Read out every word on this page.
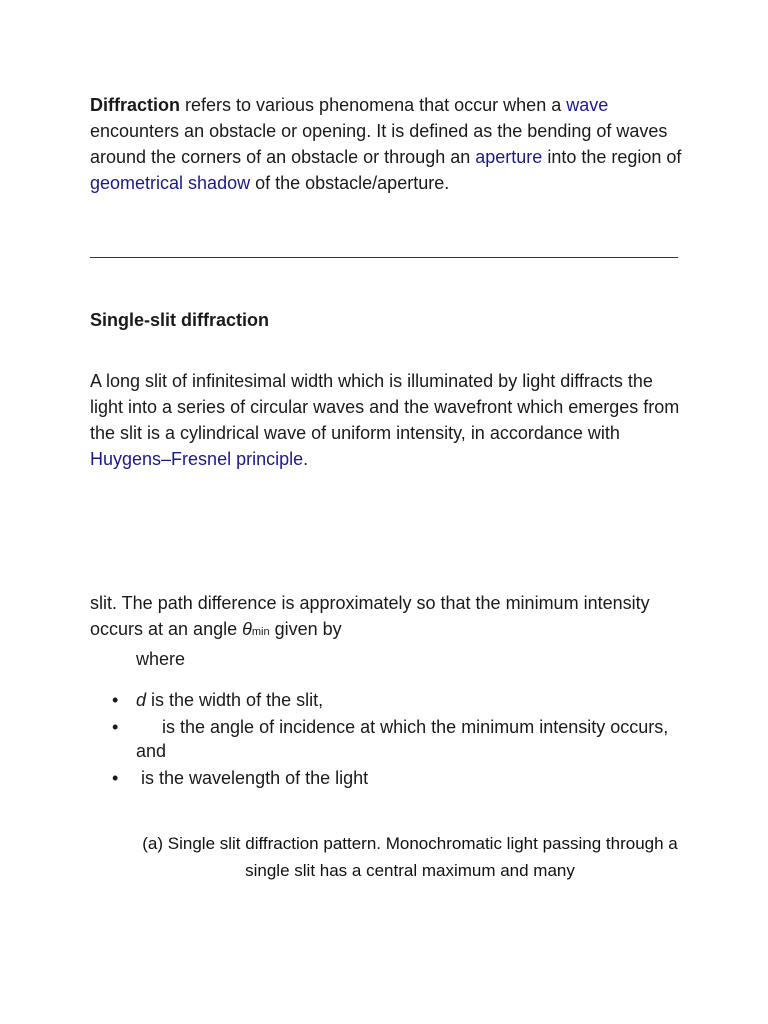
Diffraction refers to various phenomena that occur when a wave encounters an obstacle or opening. It is defined as the bending of waves around the corners of an obstacle or through an aperture into the region of geometrical shadow of the obstacle/aperture.

Single-slit diffraction

A long slit of infinitesimal width which is illuminated by light diffracts the light into a series of circular waves and the wavefront which emerges from the slit is a cylindrical wave of uniform intensity, in accordance with Huygens–Fresnel principle.

slit. The path difference is approximately so that the minimum intensity occurs at an angle θmin given by

where
• d is the width of the slit,
• is the angle of incidence at which the minimum intensity occurs, and
• is the wavelength of the light
(a) Single slit diffraction pattern. Monochromatic light passing through a single slit has a central maximum and many
